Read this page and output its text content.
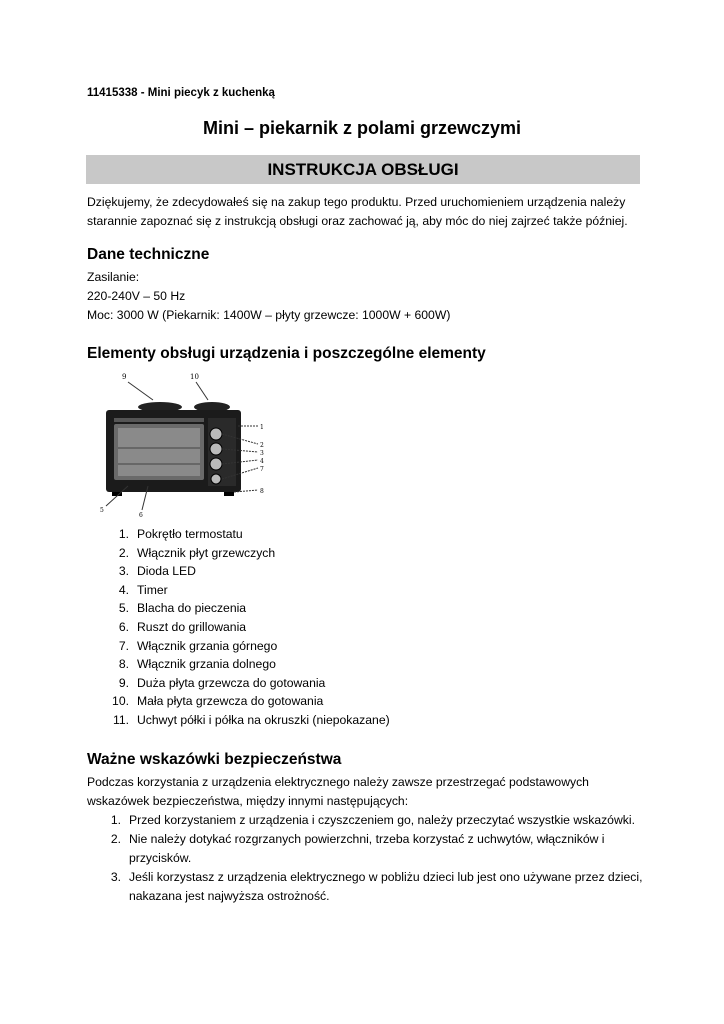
11415338 - Mini piecyk z kuchenką
Mini – piekarnik z polami grzewczymi
INSTRUKCJA OBSŁUGI
Dziękujemy, że zdecydowałeś się na zakup tego produktu. Przed uruchomieniem urządzenia należy starannie zapoznać się z instrukcją obsługi oraz zachować ją, aby móc do niej zajrzeć także później.
Dane techniczne
Zasilanie:
220-240V – 50 Hz
Moc: 3000 W (Piekarnik: 1400W – płyty grzewcze: 1000W + 600W)
Elementy obsługi urządzenia i poszczególne elementy
9	10
1
2
3
4
7
8
5
6
1. Pokrętło termostatu
2. Włącznik płyt grzewczych
3. Dioda LED
4. Timer
5. Blacha do pieczenia
6. Ruszt do grillowania
7. Włącznik grzania górnego
8. Włącznik grzania dolnego
9. Duża płyta grzewcza do gotowania
10. Mała płyta grzewcza do gotowania
11. Uchwyt półki i półka na okruszki (niepokazane)
Ważne wskazówki bezpieczeństwa
Podczas korzystania z urządzenia elektrycznego należy zawsze przestrzegać podstawowych wskazówek bezpieczeństwa, między innymi następujących:
1. Przed korzystaniem z urządzenia i czyszczeniem go, należy przeczytać wszystkie wskazówki.
2. Nie należy dotykać rozgrzanych powierzchni, trzeba korzystać z uchwytów, włączników i przycisków.
3. Jeśli korzystasz z urządzenia elektrycznego w pobliżu dzieci lub jest ono używane przez dzieci, nakazana jest najwyższa ostrożność.
